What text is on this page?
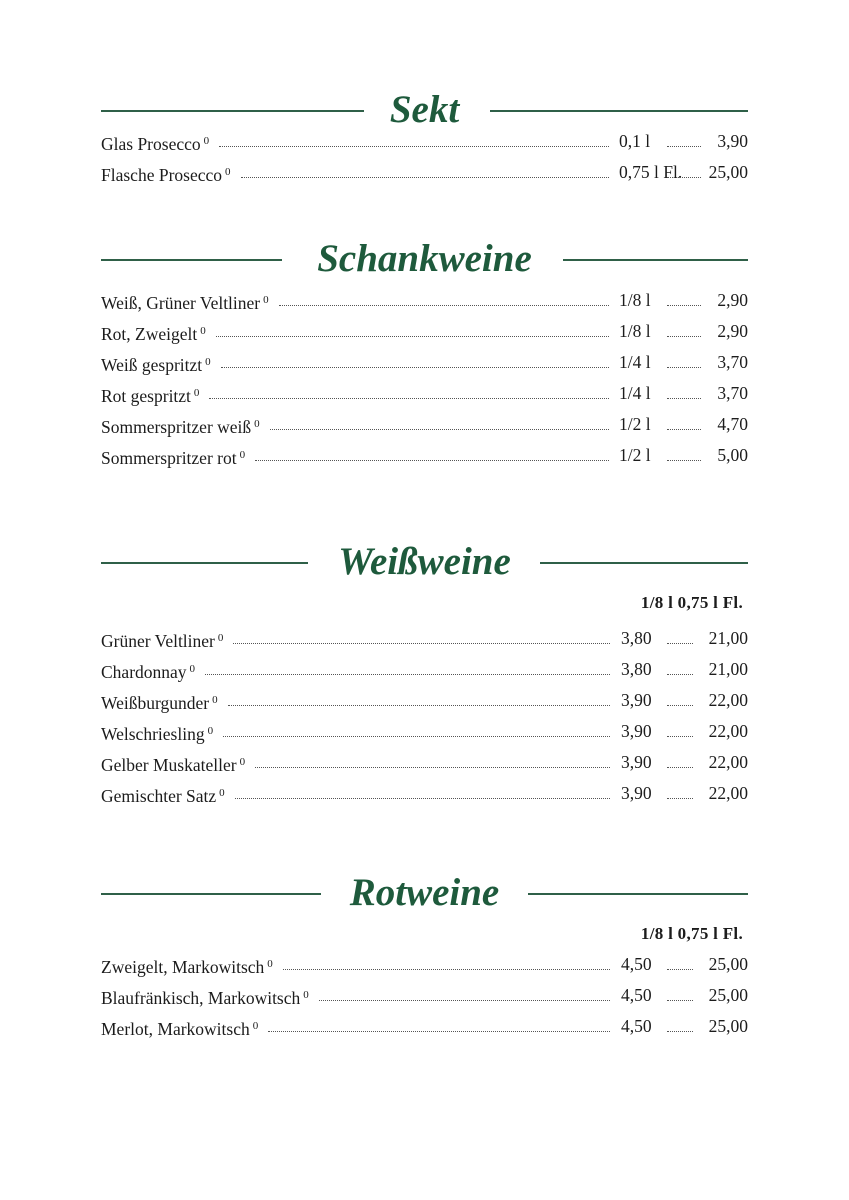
Sekt
Glas Prosecco $^0$	0,1 l	3,90
Flasche Prosecco $^0$	0,75 l Fl. 25,00
Schankweine
Weiß, Grüner Veltliner $^0$	1/8 l	2,90
Rot, Zweigelt $^0$	1/8 l	2,90
Weiß gespritzt $^0$	1/4 l	3,70
Rot gespritzt $^0$	1/4 l	3,70
Sommerspritzer weiß $^0$	1/2 l	4,70
Sommerspritzer rot $^0$	1/2 l	5,00
Weißweine
1/8 l 0,75 l Fl.
Grüner Veltliner $^0$	3,80	21,00
Chardonnay $^0$	3,80	21,00
Weißburgunder $^0$	3,90	22,00
Welschriesling $^0$	3,90	22,00
Gelber Muskateller $^0$	3,90	22,00
Gemischter Satz $^0$	3,90	22,00
Rotweine
1/8 l 0,75 l Fl.
Zweigelt, Markowitsch $^0$	4,50	25,00
Blaufränkisch, Markowitsch $^0$	4,50	25,00
Merlot, Markowitsch $^0$	4,50	25,00
